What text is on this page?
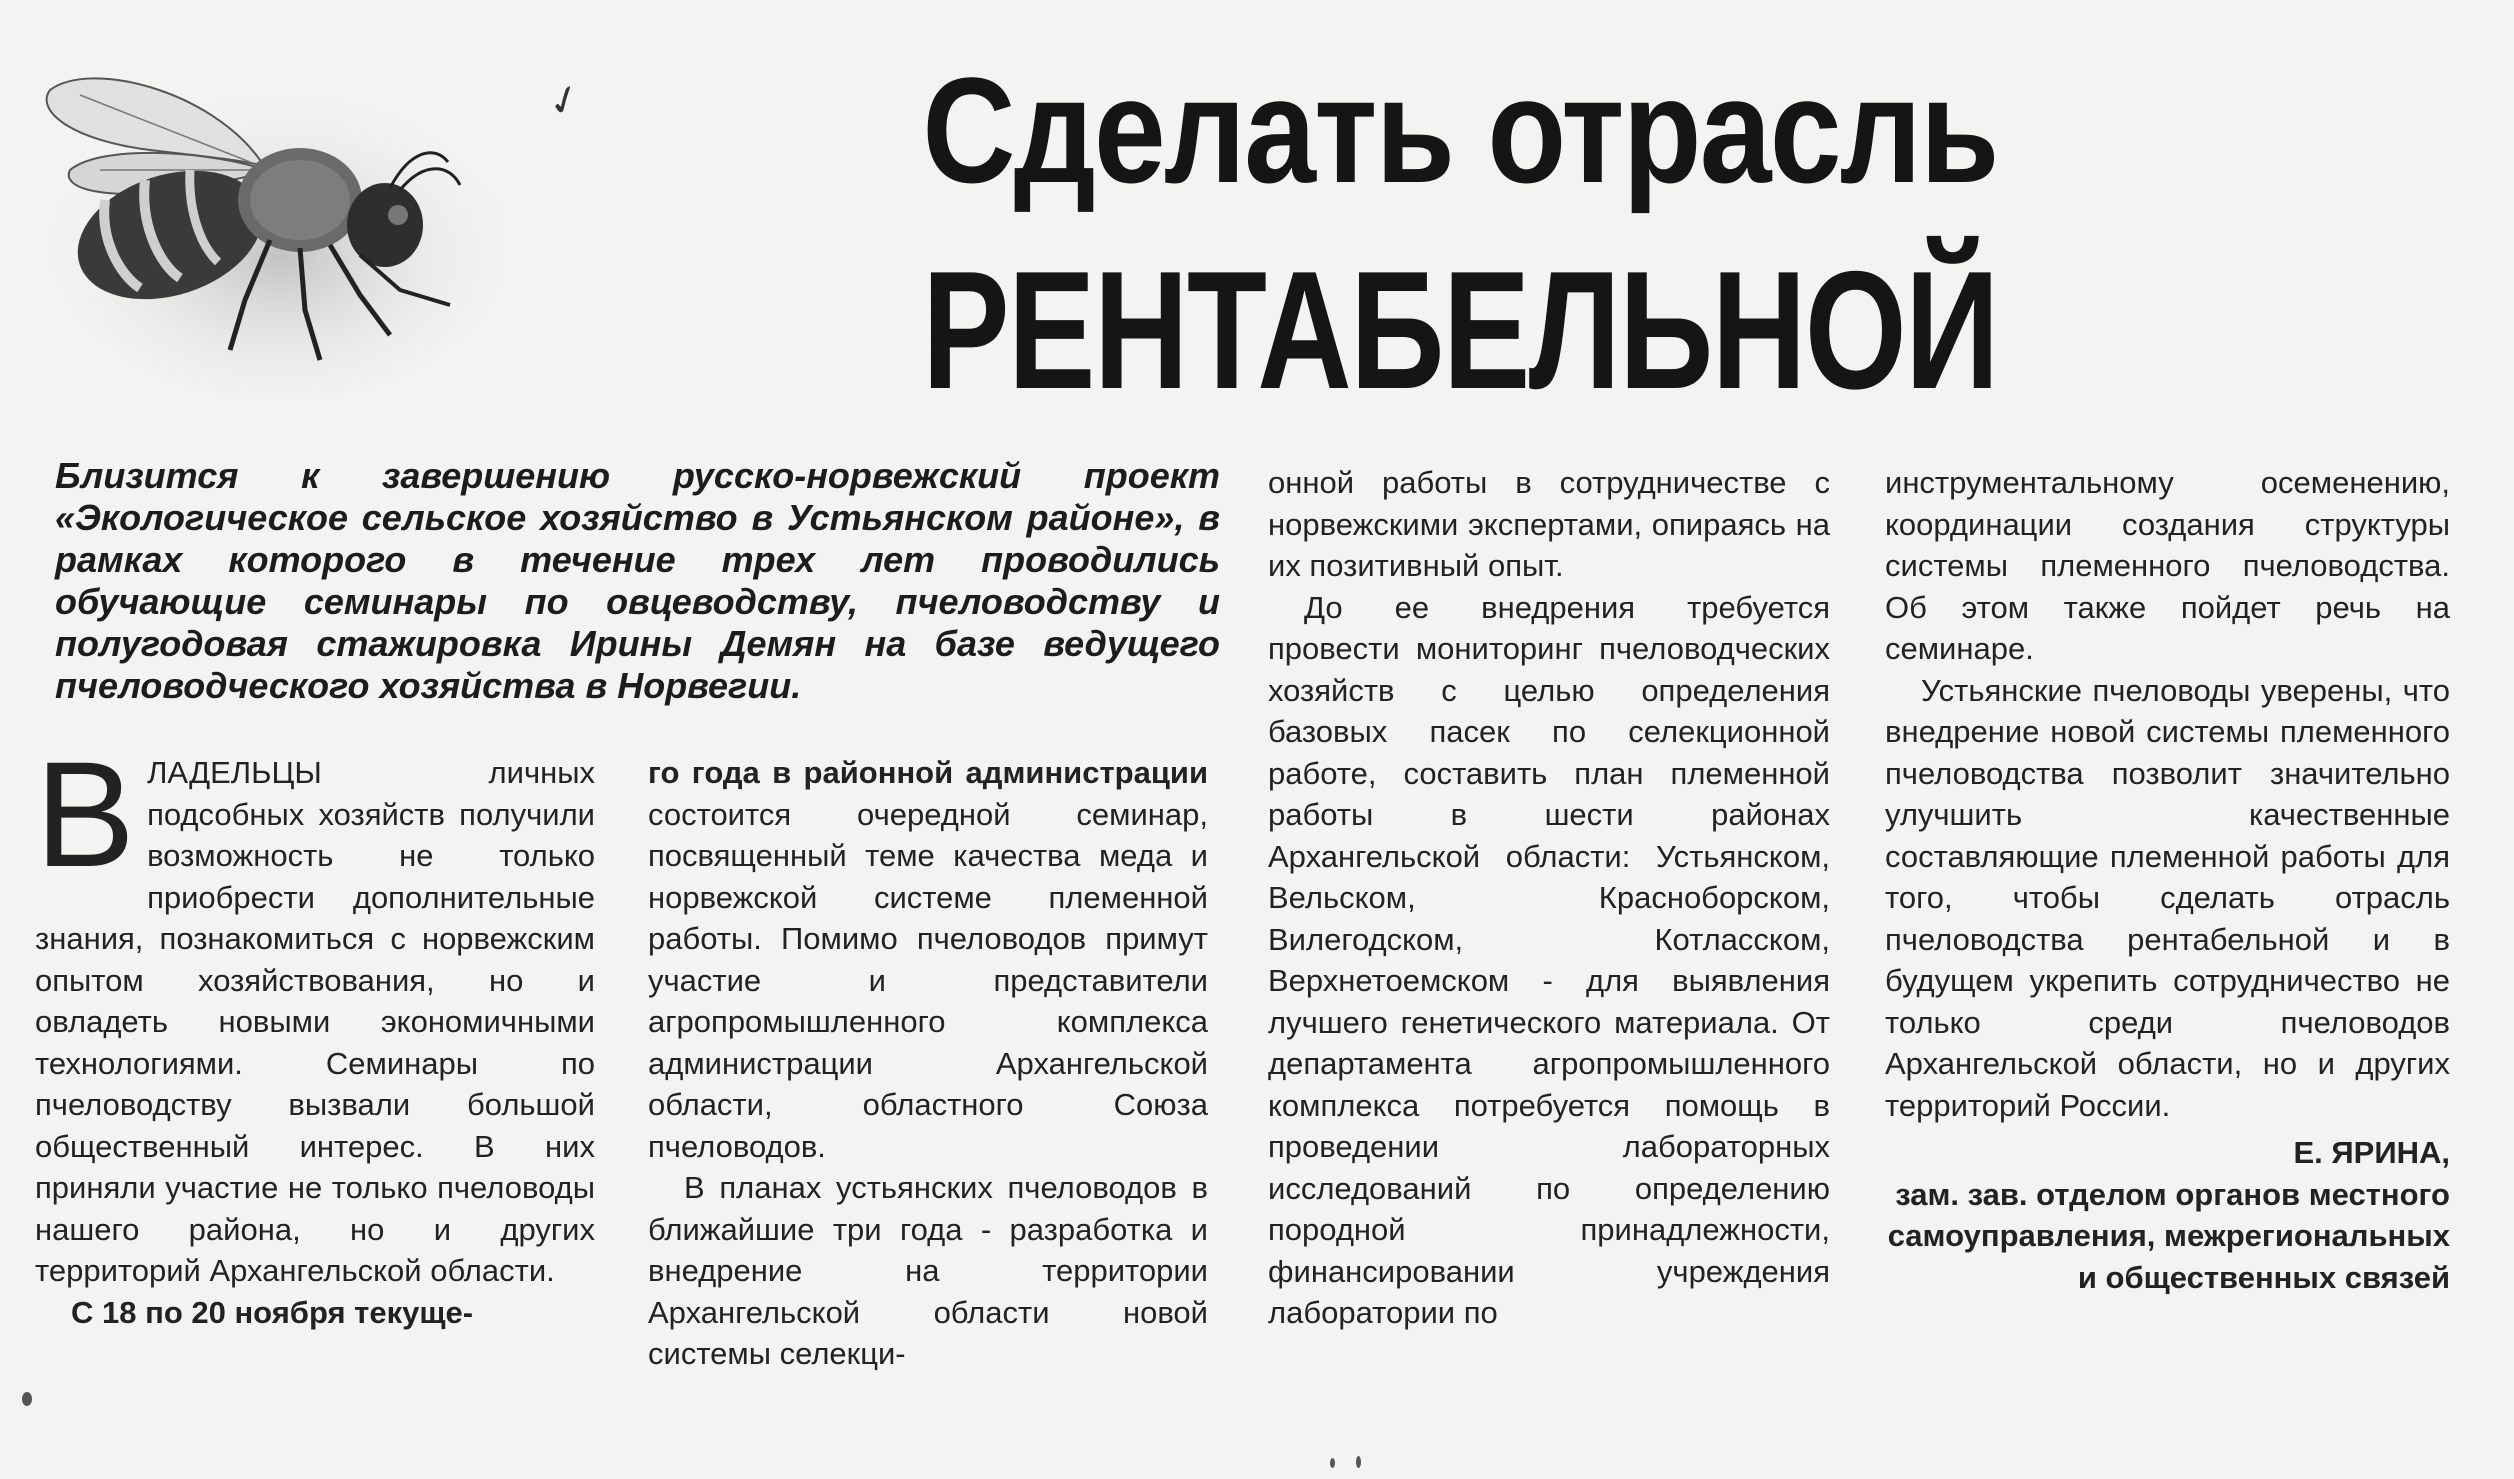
✓	Сделать отрасль
РЕНТАБЕЛЬНОЙ
Близится к завершению русско-норвежский проект «Экологическое сельское хозяйство в Устьянском районе», в рамках которого в течение трех лет проводились обучающие семинары по овцеводству, пчеловодству и полугодовая стажировка Ирины Демян на базе ведущего пчеловодческого хозяйства в Норвегии.

В ЛАДЕЛЬЦЫ личных подсобных хозяйств получили возможность не только приобрести дополнительные знания, познакомиться с норвежским опытом хозяйствования, но и овладеть новыми экономичными технологиями. Семинары по пчеловодству вызвали большой общественный интерес. В них приняли участие не только пчеловоды нашего района, но и других территорий Архангельской области.

С 18 по 20 ноября текуще-

го года в районной администрации состоится очередной семинар, посвященный теме качества меда и норвежской системе племенной работы. Помимо пчеловодов примут участие и представители агропромышленного комплекса администрации Архангельской области, областного Союза пчеловодов.

В планах устьянских пчеловодов в ближайшие три года - разработка и внедрение на территории Архангельской области новой системы селекци-

онной работы в сотрудничестве с норвежскими экспертами, опираясь на их позитивный опыт.

До ее внедрения требуется провести мониторинг пчеловодческих хозяйств с целью определения базовых пасек по селекционной работе, составить план племенной работы в шести районах Архангельской области: Устьянском, Вельском, Красноборском, Вилегодском, Котласском, Верхнетоемском - для выявления лучшего генетического материала. От департамента агропромышленного комплекса потребуется помощь в проведении лабораторных исследований по определению породной принадлежности, финансировании учреждения лаборатории по

инструментальному осеменению, координации создания структуры системы племенного пчеловодства. Об этом также пойдет речь на семинаре.

Устьянские пчеловоды уверены, что внедрение новой системы племенного пчеловодства позволит значительно улучшить качественные составляющие племенной работы для того, чтобы сделать отрасль пчеловодства рентабельной и в будущем укрепить сотрудничество не только среди пчеловодов Архангельской области, но и других территорий России.

Е. ЯРИНА,
зам. зав. отделом органов местного самоуправления, межрегиональных и общественных связей
